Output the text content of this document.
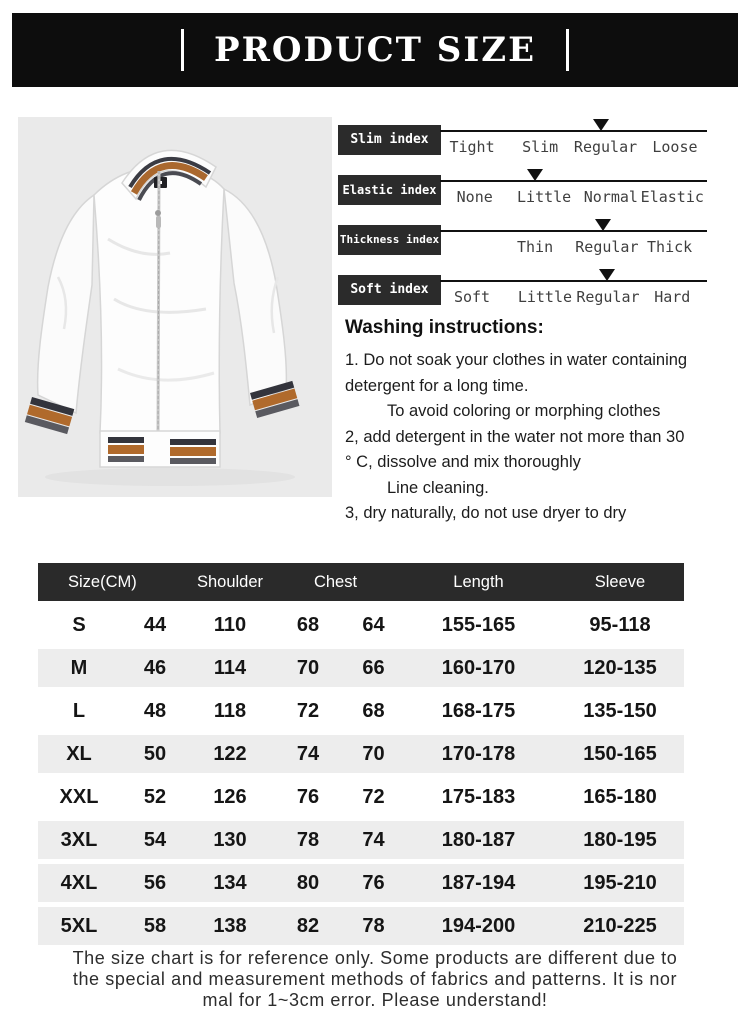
PRODUCT SIZE
Slim index	Tight Slim Regular Loose
Elastic index	None Little Normal Elastic
Thickness index	Thin Regular Thick
Soft index	Soft Little Regular Hard
Washing instructions:
1. Do not soak your clothes in water containing
detergent for a long time.
To avoid coloring or morphing clothes
2, add detergent in the water not more than 30
° C, dissolve and mix thoroughly
Line cleaning.
3, dry naturally, do not use dryer to dry
Size(CM)		Shoulder	Chest		Length	Sleeve
S	44	110	68	64	155-165	95-118
M	46	114	70	66	160-170	120-135
L	48	118	72	68	168-175	135-150
XL	50	122	74	70	170-178	150-165
XXL	52	126	76	72	175-183	165-180
3XL	54	130	78	74	180-187	180-195
4XL	56	134	80	76	187-194	195-210
5XL	58	138	82	78	194-200	210-225
The size chart is for reference only. Some products are different due to
the special and measurement methods of fabrics and patterns. It is nor
mal for 1~3cm error. Please understand!
